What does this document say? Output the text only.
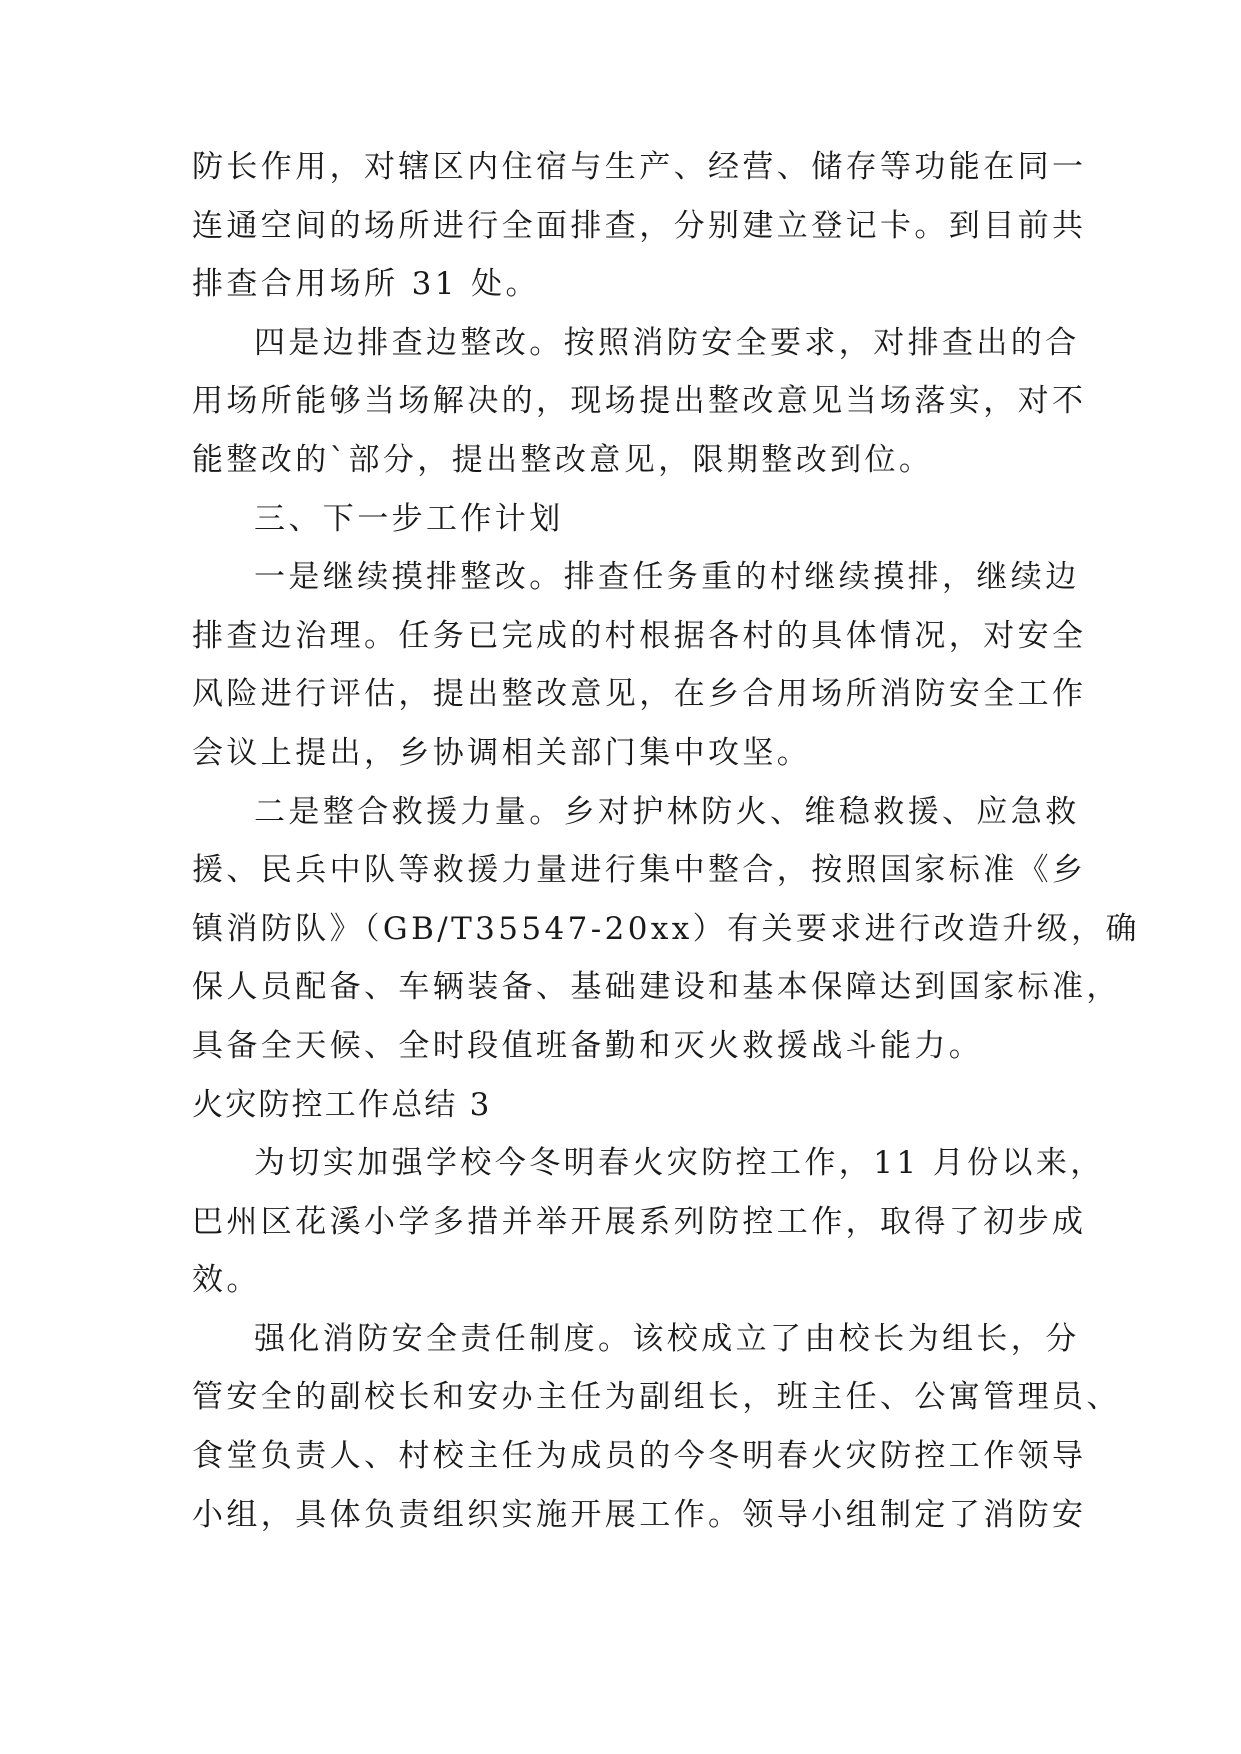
防长作用，对辖区内住宿与生产、经营、储存等功能在同一
连通空间的场所进行全面排查，分别建立登记卡。到目前共
排查合用场所 31 处。
四是边排查边整改。按照消防安全要求，对排查出的合
用场所能够当场解决的，现场提出整改意见当场落实，对不
能整改的`部分，提出整改意见，限期整改到位。
三、下一步工作计划
一是继续摸排整改。排查任务重的村继续摸排，继续边
排查边治理。任务已完成的村根据各村的具体情况，对安全
风险进行评估，提出整改意见，在乡合用场所消防安全工作
会议上提出，乡协调相关部门集中攻坚。
二是整合救援力量。乡对护林防火、维稳救援、应急救
援、民兵中队等救援力量进行集中整合，按照国家标准《乡
镇消防队》（GB/T35547-20xx）有关要求进行改造升级，确
保人员配备、车辆装备、基础建设和基本保障达到国家标准，
具备全天候、全时段值班备勤和灭火救援战斗能力。
火灾防控工作总结 3
为切实加强学校今冬明春火灾防控工作，11 月份以来，
巴州区花溪小学多措并举开展系列防控工作，取得了初步成
效。
强化消防安全责任制度。该校成立了由校长为组长，分
管安全的副校长和安办主任为副组长，班主任、公寓管理员、
食堂负责人、村校主任为成员的今冬明春火灾防控工作领导
小组，具体负责组织实施开展工作。领导小组制定了消防安
